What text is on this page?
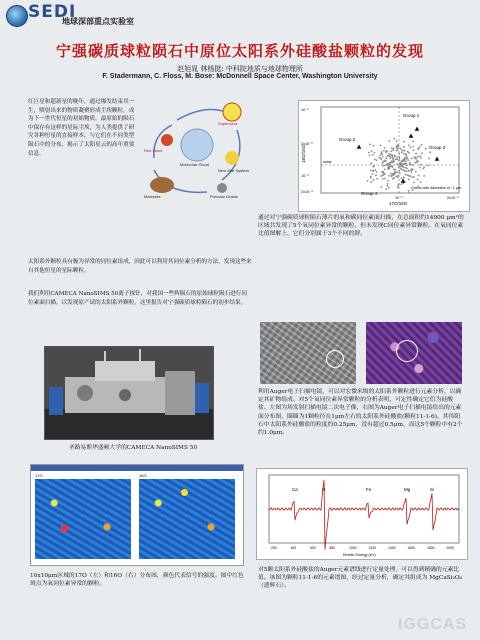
SEDI
地球深部重点实验室
宁强碳质球粒陨石中原位太阳系外硅酸盐颗粒的发现
赵旭晁 林杨挺: 中科院地质与地球物理所
F. Stadermann, C. Floss, M. Bose: McDonnell Space Center, Washington University
红巨星和超新星的晚年，通过爆发结束其一生，喷射出来的物质凝聚形成尘埃颗粒，成为下一世代恒星的初始物质。最原始的陨石中保存有这样的星际尘埃，为人类提供了研究各种恒星的直接样本，与它们在不同类型陨石中的分布，揭示了太阳星云的高年重要信息。
Supernova
Red Giant
Molecular Cloud
New Star System
Meteorite	Presolar Grains
太阳系外颗粒具有极为异常的同位素组成，因此可以利用其同位素分析的方法，发现这些来自其他恒星的星际颗粒。
我们利用CAMECA NanoSIMS 50离子探针，对我国一些辉陨石的原始球粒陨石进行同位素面扫描，以发现原产试的太阳系外颗粒，这里报告对宁强碳质球粒陨石的初步结果。
圣路易斯华盛顿大学的CAMECA NanoSIMS 50
17O	16O
10x10μm区域的17O（左）和16O（右）分布图，颜色代表信号的强度。图中红色斑点为氧同位素异常的颗粒。
solar
Group 1
Group 2
Group 3
Group 4
Grains with diameters of ~1 μm
17O/16O
18O/16O
10⁻²
2x10⁻³
10⁻³
2x10⁻⁴
10⁻³	2x10⁻³
通过对宁强碳质球粒陨石薄片的氧和碳同位素面扫描，在总面积约14900 μm²的区域共发现了5个氧同位素异常的颗粒，但未发现C同位素异常颗粒。在氧同位素比值图解上，它们分别属于3个不同的群。
利用Auger电子扫描电镜，可以对宏微米级的太阳系外颗粒进行元素分析，以确定其矿物组成。对5个氧同位素异常颗粒的分析表明，可定性确定它们为硅酸盐。左图为场发射扫描电镜二次电子像，右图为Auger电子扫描电镜给出的元素面分布图，圈圈为1颗粒径在1μm左右的太阳系外硅酸盐(颗粒11-1-6)。其伟阳石中太阳系外硅酸盐的粒度约0.25μm，没有超过0.5μm，而这5个颗粒中有2个约1.0μm。
Ca	O	Fe	Mg	Si
200	400	600	800	1000	1200	1400	1600	1800	2000
Kinetic Energy (eV)
对5颗太阳系外硅酸盐的Auger元素谱线进行定量处理，可以得到精确的元素比值。该图为颗粒11-1-6的元素谱图，经过定量分析，确定其组成为 MgCaSi₂O₆（透辉石）。
IGGCAS
